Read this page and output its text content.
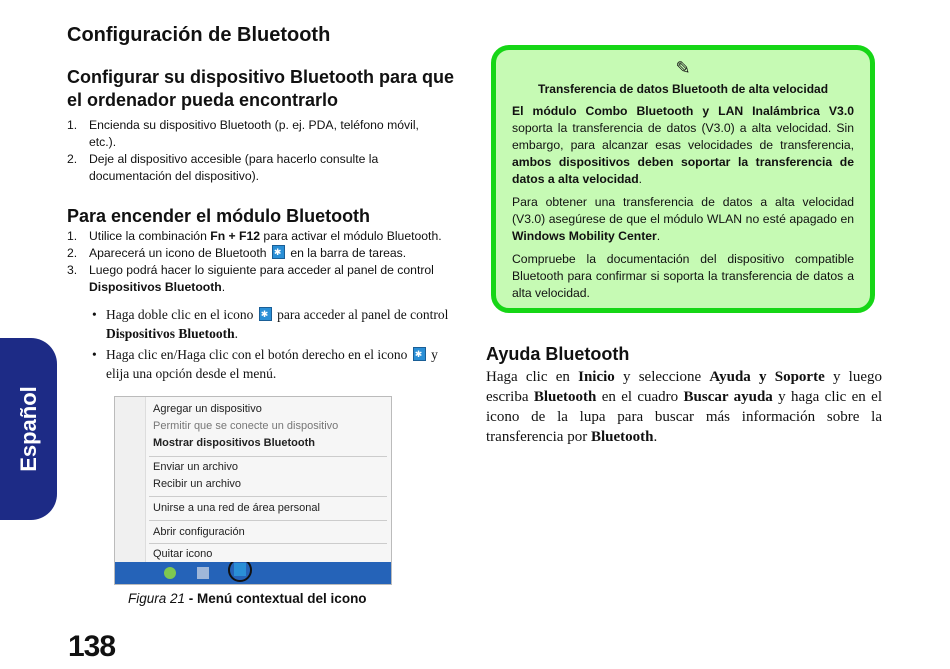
Configuración de Bluetooth
Configurar su dispositivo Bluetooth para que
el ordenador pueda encontrarlo
1. Encienda su dispositivo Bluetooth (p. ej. PDA, teléfono móvil,
etc.).
2. Deje al dispositivo accesible (para hacerlo consulte la
documentación del dispositivo).
Para encender el módulo Bluetooth
1. Utilice la combinación Fn + F12 para activar el módulo Bluetooth.
2. Aparecerá un icono de Bluetooth ✱ en la barra de tareas.
3. Luego podrá hacer lo siguiente para acceder al panel de control
Dispositivos Bluetooth.
• Haga doble clic en el icono ✱ para acceder al panel de control
Dispositivos Bluetooth.
• Haga clic en/Haga clic con el botón derecho en el icono ✱ y
elija una opción desde el menú.
Agregar un dispositivo
Permitir que se conecte un dispositivo
Mostrar dispositivos Bluetooth
Enviar un archivo
Recibir un archivo
Unirse a una red de área personal
Abrir configuración
Quitar icono
Figura 21 - Menú contextual del icono
138
Español
✎
Transferencia de datos Bluetooth de alta velocidad

El módulo Combo Bluetooth y LAN Inalámbrica V3.0 soporta la transferencia de datos (V3.0) a alta velocidad. Sin embargo, para alcanzar esas velocidades de transferencia, ambos dispositivos deben soportar la transferencia de datos a alta velocidad.

Para obtener una transferencia de datos a alta velocidad (V3.0) asegúrese de que el módulo WLAN no esté apagado en Windows Mobility Center.

Compruebe la documentación del dispositivo compatible Bluetooth para confirmar si soporta la transferencia de datos a alta velocidad.

Ayuda Bluetooth
Haga clic en Inicio y seleccione Ayuda y Soporte y luego escriba Bluetooth en el cuadro Buscar ayuda y haga clic en el icono de la lupa para buscar más información sobre la transferencia por Bluetooth.
